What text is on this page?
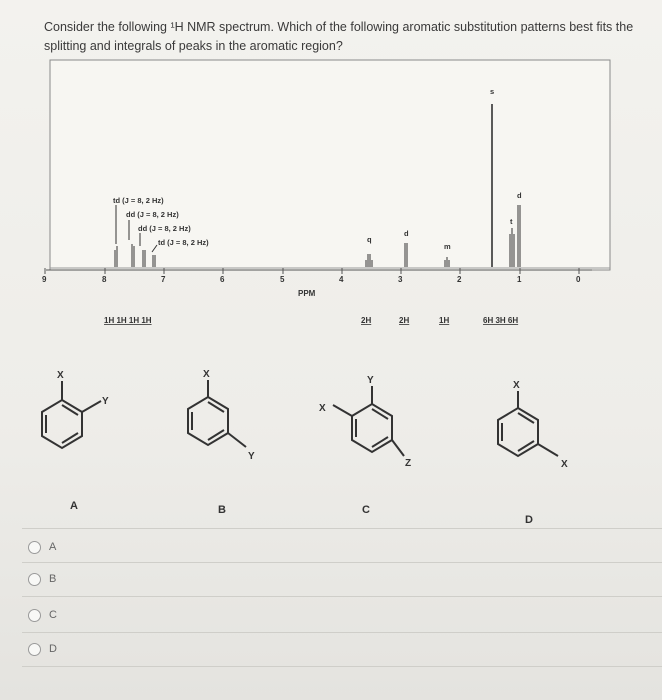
Consider the following ¹H NMR spectrum. Which of the following aromatic substitution patterns best fits the splitting and integrals of peaks in the aromatic region?
9	8	7	6	5	4	3	2	1	0
PPM
td (J = 8, 2 Hz)
dd (J = 8, 2 Hz)
dd (J = 8, 2 Hz)
td (J = 8, 2 Hz)	q
d
m
s
t
d
1H 1H 1H 1H	2H	2H	1H	6H 3H 6H
X
Y
A
X
Y
B
Y
X
Z
C
X
X
D
A
B
C
D
